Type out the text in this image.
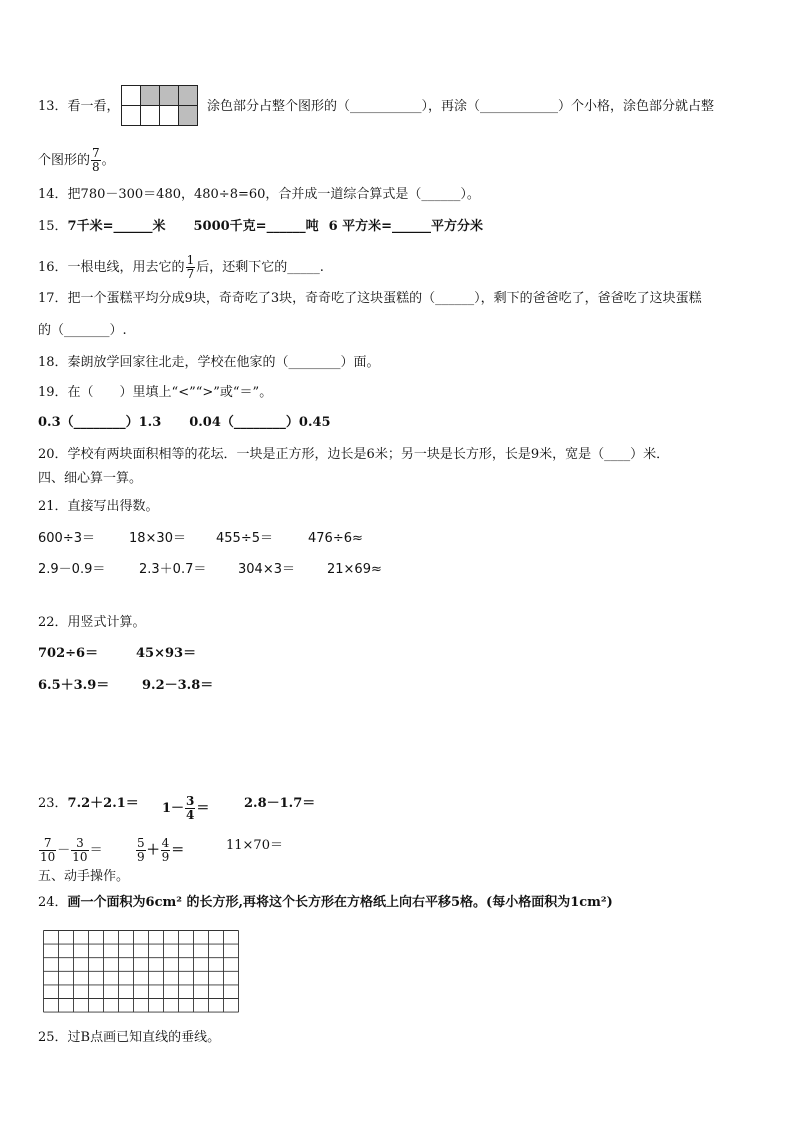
13．看一看，

				涂色部分占整个图形的（___________），再涂（____________）个小格，涂色部分就占整
个图形的 $\frac{7}{8}$ 。
14．把780－300＝480，480÷8=60，合并成一道综合算式是（______）。
15．7千米=______米 5000千克=______吨 6 平方米=______平方分米
16．一根电线，用去它的 $\frac{1}{7}$ 后，还剩下它的_____.
17．把一个蛋糕平均分成9块，奇奇吃了3块，奇奇吃了这块蛋糕的（______），剩下的爸爸吃了，爸爸吃了这块蛋糕
的（_______）.
18．秦朗放学回家往北走，学校在他家的（________）面。
19．在（　　）里填上“<”“>”或“＝”。
0.3（________）1.3 0.04（________）0.45
20．学校有两块面积相等的花坛．一块是正方形，边长是6米；另一块是长方形，长是9米，宽是（____）米．
四、细心算一算。
21．直接写出得数。
600÷3＝	18×30＝ 455÷5＝	476÷6≈
2.9－0.9＝	2.3＋0.7＝ 304×3＝ 21×69≈
22．用竖式计算。
702÷6＝	45×93＝
6.5＋3.9＝	9.2－3.8＝
23．$7.2+2.1= 1- \frac{3}{4}$ ＝	2.8－1.7＝
$\frac{7}{10} - \frac{3}{10}$ ＝	$\frac{5}{9} + \frac{4}{9}$ ＝	11×70＝
五、动手操作。
24．画一个面积为6cm² 的长方形,再将这个长方形在方格纸上向右平移5格。(每小格面积为1cm²)
25．过B点画已知直线的垂线。
